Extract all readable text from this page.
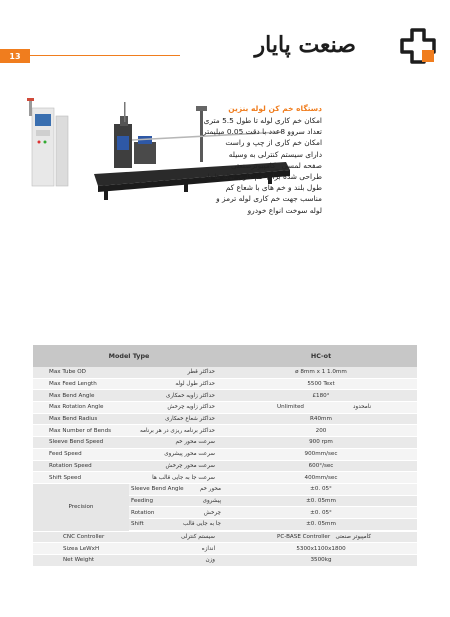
13	صنعت پایار
دستگاه خم کن لوله بنزین
امکان خم کاری لوله تا طول 5.5 متری
تعداد سروو 8عدد با دقت 0.05 میلیمتر
امکان خم کاری از چپ و راست
دارای سیستم کنترلی به وسیله
صفحه لمسی _کامپیوترصنعتی
طراحی شده برای خم کاری لوله ها با
طول بلند و خم های با شعاع کم
مناسب جهت خم کاری لوله ترمز و
لوله سوخت انواع خودرو
Model Type	HC-ot
Max Tube OD	حداکثر قطر	ø 8mm x 1 1.0mm
Max Feed Length	حداکثر طول لوله	5500 Text
Max Bend Angle	حداکثر زاویه خمکاری	£180°
Max Rotation Angle	حداکثر زاویه چرخش	Unlimited	نامحدود
Max Bend Radius	حداکثر شعاع خمکاری	R40mm
Max Number of Bends	حداکثر برنامه ریزی در هر برنامه	200
Sleeve Bend Speed	سرعت محور خم	900 rpm
Feed Speed	سرعت محور پیشروی	900mm/sec
Rotation Speed	سرعت محور چرخش	600°/sec
Shift Speed	سرعت جا به جایی قالب ها	400mm/sec
Precision
Sleeve Bend Angle	محور خم	±0. 05°
Feeding	پیشروی	±0. 05mm
Rotation	چرخش	±0. 05°
Shift	جا به جایی قالب	±0. 05mm
CNC Controller	سیستم کنترلی	PC-BASE Controller کامپیوتر صنعتی
Sizea LeWxH	اندازه	5300x1100x1800
Net Weight	وزن	3500kg
